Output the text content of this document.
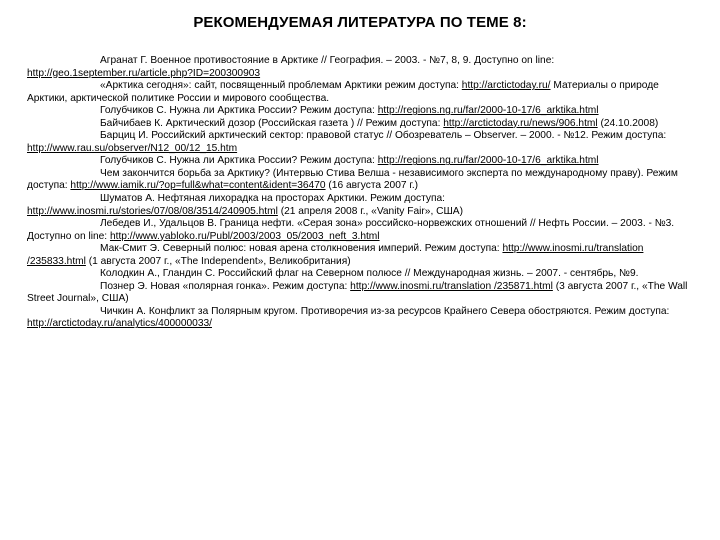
РЕКОМЕНДУЕМАЯ ЛИТЕРАТУРА ПО ТЕМЕ 8:

Агранат Г. Военное противостояние в Арктике // География. – 2003. - №7, 8, 9. Доступно on line: http://geo.1september.ru/article.php?ID=200300903

«Арктика сегодня»: сайт, посвященный проблемам Арктики режим доступа: http://arctictoday.ru/ Материалы о природе Арктики, арктической политике России и мирового сообщества.

Голубчиков С. Нужна ли Арктика России? Режим доступа: http://regions.ng.ru/far/2000-10-17/6_arktika.html

Байчибаев К. Арктический дозор (Российская газета ) // Режим доступа: http://arctictoday.ru/news/906.html (24.10.2008)

Барциц И. Российский арктический сектор: правовой статус // Обозреватель – Observer. – 2000. - №12. Режим доступа: http://www.rau.su/observer/N12_00/12_15.htm

Голубчиков С. Нужна ли Арктика России? Режим доступа: http://regions.ng.ru/far/2000-10-17/6_arktika.html

Чем закончится борьба за Арктику? (Интервью Стива Велша - независимого эксперта по международному праву). Режим доступа: http://www.iamik.ru/?op=full&what=content&ident=36470 (16 августа 2007 г.)

Шуматов А. Нефтяная лихорадка на просторах Арктики. Режим доступа: http://www.inosmi.ru/stories/07/08/08/3514/240905.html (21 апреля 2008 г., «Vanity Fair», США)

Лебедев И., Удальцов В. Граница нефти. «Серая зона» российско-норвежских отношений // Нефть России. – 2003. - №3. Доступно on line: http://www.yabloko.ru/Publ/2003/2003_05/2003_neft_3.html

Мак-Смит Э. Северный полюс: новая арена столкновения империй. Режим доступа: http://www.inosmi.ru/translation /235833.html (1 августа 2007 г., «The Independent», Великобритания)

Колодкин А., Гландин С. Российский флаг на Северном полюсе // Международная жизнь. – 2007. - сентябрь, №9.

Познер Э. Новая «полярная гонка». Режим доступа: http://www.inosmi.ru/translation /235871.html (3 августа 2007 г., «The Wall Street Journal», США)

Чичкин А. Конфликт за Полярным кругом. Противоречия из-за ресурсов Крайнего Севера обостряются. Режим доступа: http://arctictoday.ru/analytics/400000033/
